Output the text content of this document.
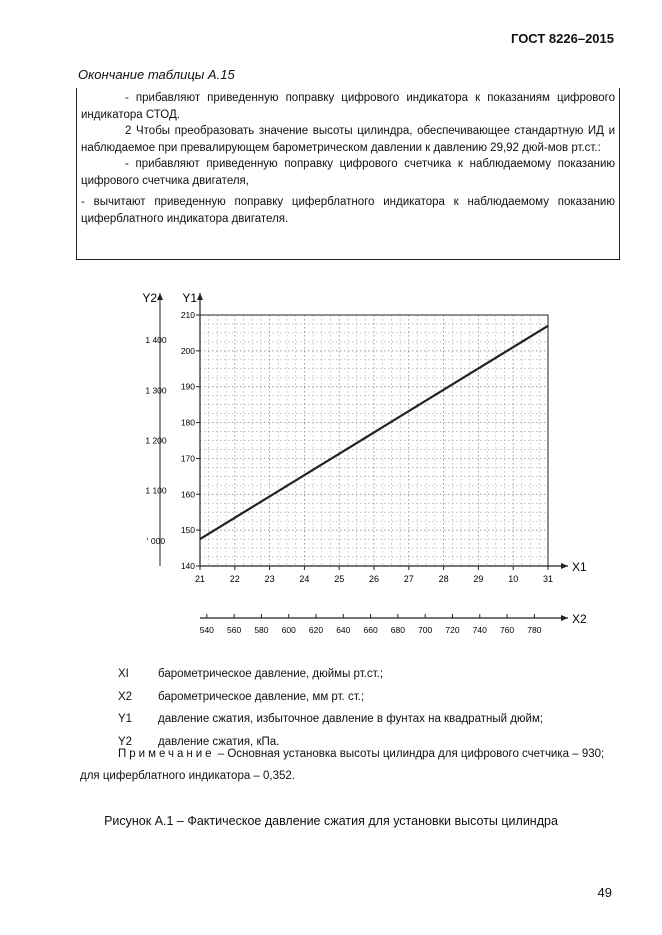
ГОСТ 8226–2015
Окончание таблицы А.15

- прибавляют приведенную поправку цифрового индикатора к показаниям цифрового индикатора СТОД.

2 Чтобы преобразовать значение высоты цилиндра, обеспечивающее стандартную ИД и наблюдаемое при превалирующем барометрическом давлении к давлению 29,92 дюй-мов рт.ст.:

- прибавляют приведенную поправку цифрового счетчика к наблюдаемому показанию цифрового счетчика двигателя,

- вычитают приведенную поправку циферблатного индикатора к наблюдаемому показанию циферблатного индикатора двигателя.

21	22	23	24	25	26	27	28	29	10	31
140
150
160
170
180
190
200
210
540 560 580 600 620 640 660 680 700 720 740 760 780
' 000
1 100
1 200
1 300
1 400
Y2 Y1
X1
X2
XI	барометрическое давление, дюймы рт.ст.;
X2	барометрическое давление, мм рт. ст.;
Y1	давление сжатия, избыточное давление в фунтах на квадратный дюйм;
Y2	давление сжатия, кПа.
Примечание – Основная установка высоты цилиндра для цифрового счетчика – 930; для циферблатного индикатора – 0,352.
Рисунок А.1 – Фактическое давление сжатия для установки высоты цилиндра
49
